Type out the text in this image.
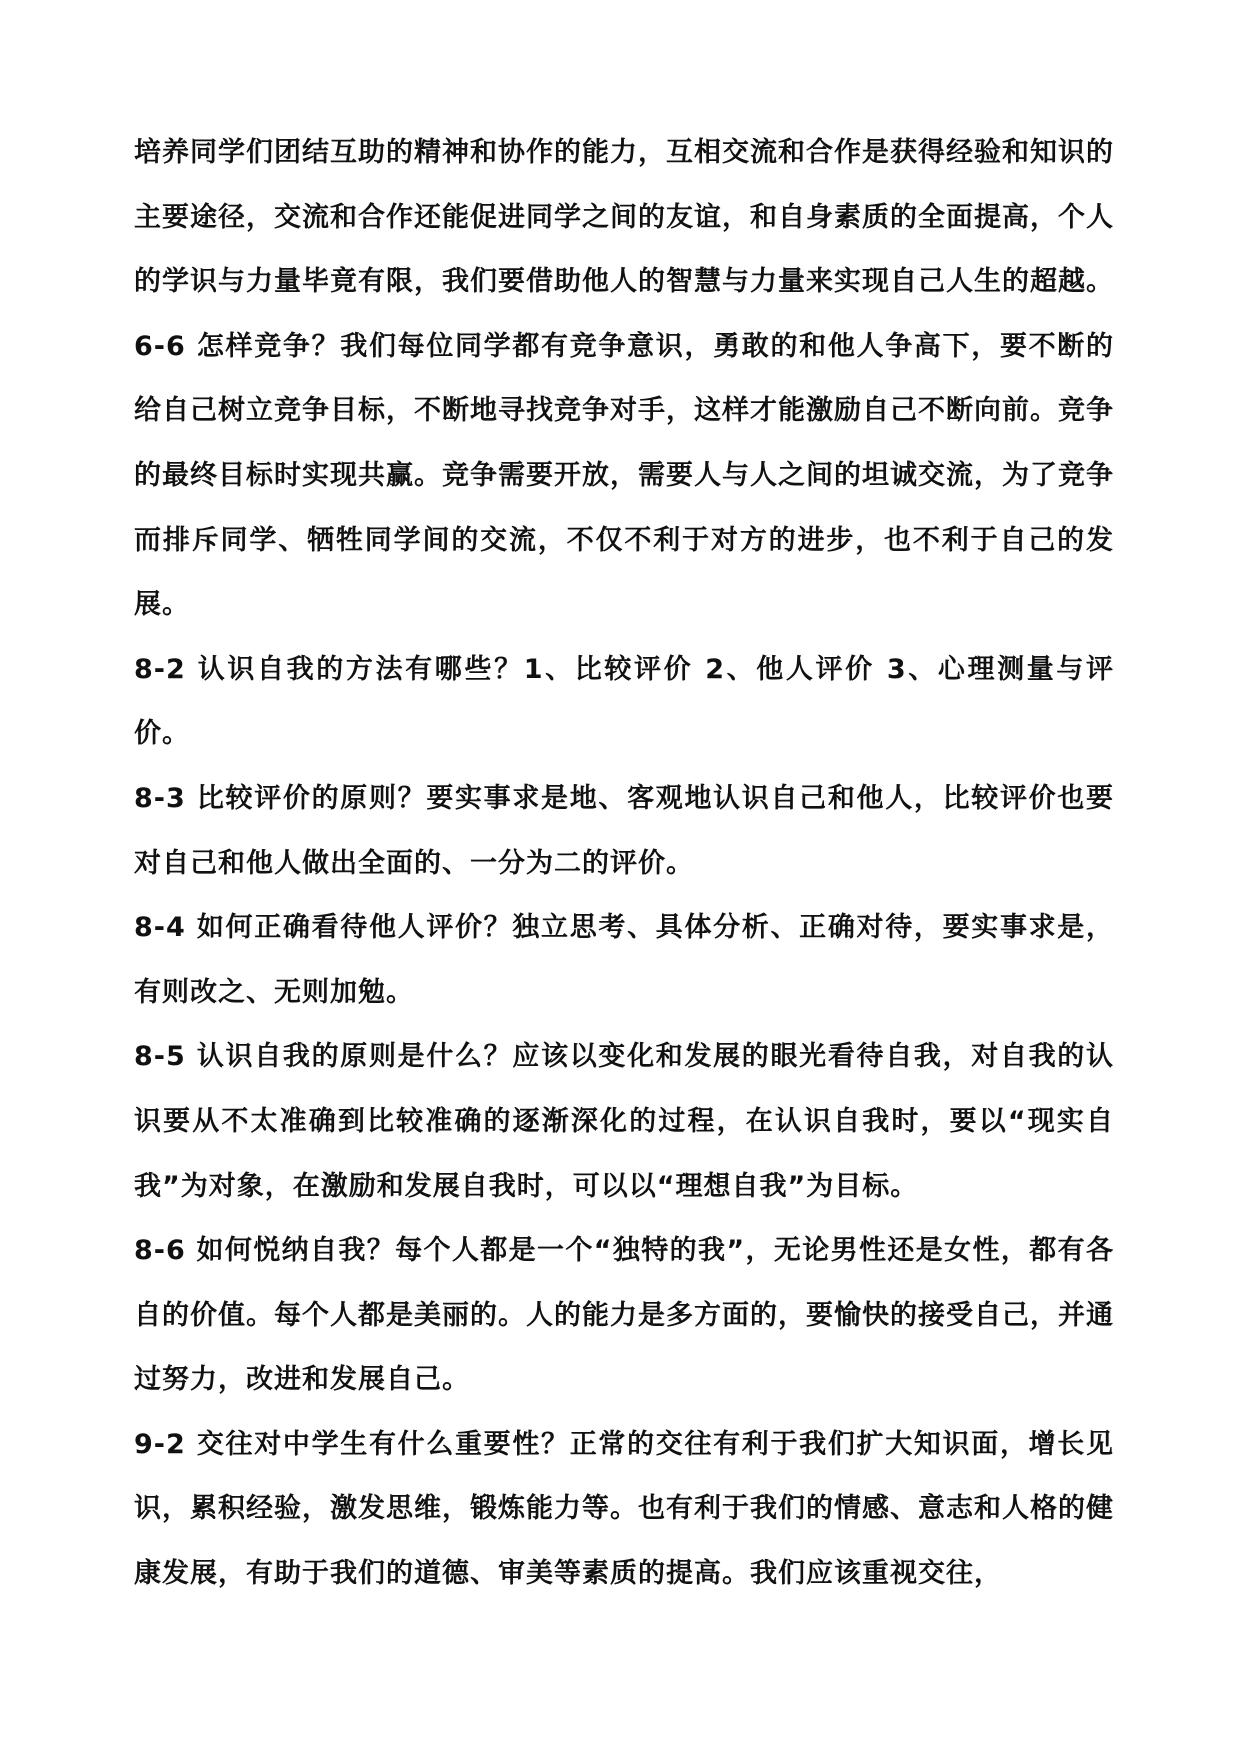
培养同学们团结互助的精神和协作的能力，互相交流和合作是获得经验和知识的主要途径，交流和合作还能促进同学之间的友谊，和自身素质的全面提高，个人的学识与力量毕竟有限，我们要借助他人的智慧与力量来实现自己人生的超越。

6-6 怎样竞争？我们每位同学都有竞争意识，勇敢的和他人争高下，要不断的给自己树立竞争目标，不断地寻找竞争对手，这样才能激励自己不断向前。竞争的最终目标时实现共赢。竞争需要开放，需要人与人之间的坦诚交流，为了竞争而排斥同学、牺牲同学间的交流，不仅不利于对方的进步，也不利于自己的发展。

8-2 认识自我的方法有哪些？1、比较评价 2、他人评价 3、心理测量与评价。

8-3 比较评价的原则？要实事求是地、客观地认识自己和他人，比较评价也要对自己和他人做出全面的、一分为二的评价。

8-4 如何正确看待他人评价？独立思考、具体分析、正确对待，要实事求是，有则改之、无则加勉。

8-5 认识自我的原则是什么？应该以变化和发展的眼光看待自我，对自我的认识要从不太准确到比较准确的逐渐深化的过程，在认识自我时，要以“现实自我”为对象，在激励和发展自我时，可以以“理想自我”为目标。

8-6 如何悦纳自我？每个人都是一个“独特的我”，无论男性还是女性，都有各自的价值。每个人都是美丽的。人的能力是多方面的，要愉快的接受自己，并通过努力，改进和发展自己。

9-2 交往对中学生有什么重要性？正常的交往有利于我们扩大知识面，增长见识，累积经验，激发思维，锻炼能力等。也有利于我们的情感、意志和人格的健康发展，有助于我们的道德、审美等素质的提高。我们应该重视交往，
